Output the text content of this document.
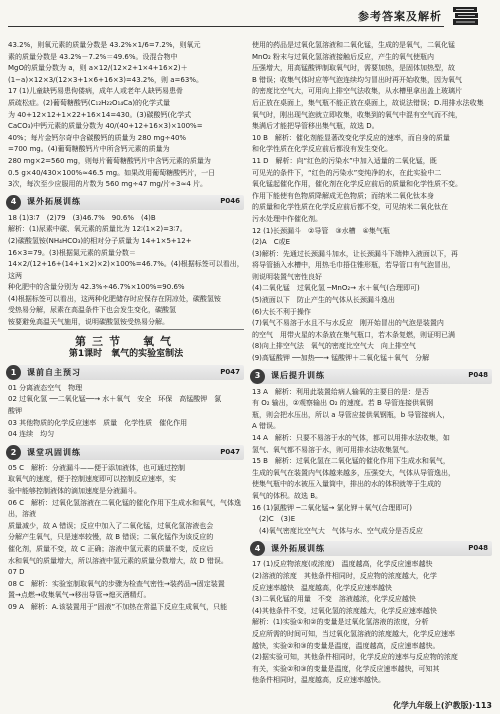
参考答案及解析

43.2%，则氧元素的质量分数是 43.2%×1/6=7.2%，则氧元

素的质量分数是 43.2%－7.2%＝49.6%。设混合物中

MgO的质量分数为 a，则 a×12/(12×2+1×4+16×2)＋

(1−a)×12×3/(12×3+1×6+16×3)=43.2%，则 a=63%。

17 (1)儿童缺钙易患佝偻病，成年人或老年人缺钙易患骨

质疏松症。(2)葡萄糖酸钙(C₁₂H₂₂O₁₄Ca)的化学式量

为 40+12×12+1×22+16×14=430。(3)碳酸钙(化学式

CaCO₃)中钙元素的质量分数为 40/(40+12+16×3)×100%=

40%；每片金钙尔奇中含碳酸钙的质量为 280 mg÷40%

=700 mg。(4)葡萄糖酸钙片中所含钙元素的质量为

280 mg×2=560 mg，则每片葡萄糖酸钙片中含钙元素的质量为

0.5 g×40/430×100%≈46.5 mg。如果改用葡萄糖酸钙片，一日

3次，每次至少应服用的片数为 560 mg÷47 mg/片÷3≈4 片。

4	课外拓展训练	P046

18 (1)3∶7　(2)79　(3)46.7%　90.6%　(4)B

解析：(1)尿素中碳、氧元素的质量比为 12∶(1×2)=3∶7。

(2)碳酸氢铵(NH₄HCO₃)的相对分子质量为 14+1×5+12+

16×3=79。(3)根据氮元素的质量分数＝

14×2/(12+16+(14+1×2)×2)×100%=46.7%。(4)根据标签可以看出，这两

种化肥中的含量分别为 42.3%÷46.7%×100%=90.6%

(4)根据标签可以看出，这两种化肥储存时应保存在阴凉处，碳酸氢铵

受热易分解，尿素在高温条件下也会发生变化，碳酸氢

铵要避免高温天气施用，说明碳酸氢铵受热易分解。

第三节　氧气
第1课时　氧气的实验室制法
1	课前自主预习	P047

01 分离液态空气　物理

02 过氧化氢 ──二氧化锰──→ 水＋氧气　安全　环保　高锰酸钾　氯

酸钾

03 其他物质的化学反应速率　质量　化学性质　催化作用

04 连续　均匀

2	课堂巩固训练	P047

05 C　解析：分液漏斗——便于添加液体，也可通过控制

取氧气的速度，便于控制速度即可以控制反应速率，实

验中能够控制液体的滴加速度是分液漏斗。

06 C　解析：过氧化氢溶液在二氧化锰的催化作用下生成水和氧气，气体逸出，溶液

质量减少，故 A 错误；反应中加入了二氧化锰，过氧化氢溶液也会

分解产生氧气，只是速率较慢，故 B 错误；二氧化锰作为该反应的

催化剂，质量不变，故 C 正确；溶液中氢元素的质量不变，反应后

水和氧气的质量增大，所以溶液中氢元素的质量分数增大，故 D 错误。

07 D

08 C　解析：实验室制取氧气的步骤为检查气密性→装药品→固定装置

置→点燃→收集氧气→移出导管→熄灭酒精灯。

09 A　解析：A.该装置用于“固液”不加热在常温下反应生成氧气，只能

使用的药品是过氧化氢溶液和二氧化锰，生成的是氧气，二氧化锰

MnO₂ 粉末与过氧化氢溶液接触后反应，产生的氧气使瓶内

压强增大，用高锰酸钾制取氧气时，需要加热，是固体加热型，故

B 错误；收集气体时应等气泡连续均匀冒出时再开始收集，因为氧气

的密度比空气大，可用向上排空气法收集，从水槽里拿出盖上玻璃片

后正放在桌面上，集气瓶不能正放在桌面上，故说法错误；D.用排水法收集

氧气时，刚出现气泡就立即收集，收集到的氧气中混有空气而不纯，

集满后才能把导管移出集气瓶，故选 D。

10 B　解析：催化剂能显著改变化学反应的速率，而自身的质量

和化学性质在化学反应前后都没有发生变化。

11 D　解析：向“红色的污染水”中加入适量的二氧化锰，既

可见光的条件下，“红色的污染水”变纯净的水，在此实验中二

氧化锰起催化作用，催化剂在化学反应前后的质量和化学性质不变。

作用下能使有色物质降解成无色物质；而纳米二氧化钛本身

的质量和化学性质在化学反应前后都不变，可见纳米二氧化钛在

污水处理中作催化剂。

12 (1)长颈漏斗　②导管　③水槽　④集气瓶

(2)A　C或E

(3)解析：先通过长颈漏斗加水，让长颈漏斗下端伸入液面以下，再

将导管插入水槽中，用热毛巾捂住锥形瓶，若导管口有气泡冒出，

则说明装置气密性良好

(4)二氧化锰　过氧化氢 ─MnO₂→ 水＋氧气(合理即可)

(5)液面以下　防止产生的气体从长颈漏斗逸出

(6)大长不利于操作

(7)氧气不易溶于水且不与水反应　刚开始冒出的气泡是装置内

的空气　用带火星的木条放在集气瓶口，若木条复燃，则证明已满

(8)向上排空气法　氧气的密度比空气大　向上排空气

(9)高锰酸钾 ──加热──→ 锰酸钾＋二氧化锰＋氧气　分解

3	课后提升训练	P048

13 A　解析：利用此装置给病人输氧的主要目的是：是否

有 O₂ 输出，②观察输出 O₂ 的速度。若 B 导管连接供氧钢

瓶，则会把水压出，所以 a 导管应接供氧钢瓶，b 导管接病人，

A 错误。

14 A　解析：只要不易溶于水的气体，都可以用排水法收集，如

氢气、氧气都不易溶于水，则可用排水法收集氢气。

15 B　解析：过氧化氢在二氧化锰的催化作用下生成水和氧气，

生成的氧气在装置内气体越来越多，压强变大，气体从导管逸出，

使集气瓶中的水被压入量筒中，排出的水的体积就等于生成的

氧气的体积。故选 B。

16 (1)氯酸钾 ─二氧化锰→ 氯化钾＋氧气(合理即可)

　(2)C　(3)E

　(4)氧气密度比空气大　气体与水、空气成分是否反应

4	课外拓展训练	P048

17 (1)反应物浓度(或浓度)　温度越高，化学反应速率越快

(2)溶液的浓度　其他条件相同时，反应物的浓度越大，化学

反应速率越快　温度越高，化学反应速率越快

(3)二氧化锰的用量　不变　溶液越浓，化学反应越快

(4)其他条件不变，过氧化氢的浓度越大，化学反应速率越快

解析：(1)实验①和②的变量是过氧化氢溶液的浓度，分析

反应所需的时间可知，当过氧化氢溶液的浓度越大，化学反应速率

越快，实验②和③的变量是温度，温度越高，反应速率越快。

(2)据实验可知，其他条件相同时，化学反应的速率与反应物的浓度

有关，实验②和③的变量是温度，化学反应速率越快，可知其

他条件相同时，温度越高，反应速率越快。

化学九年级上(沪教版)·113
